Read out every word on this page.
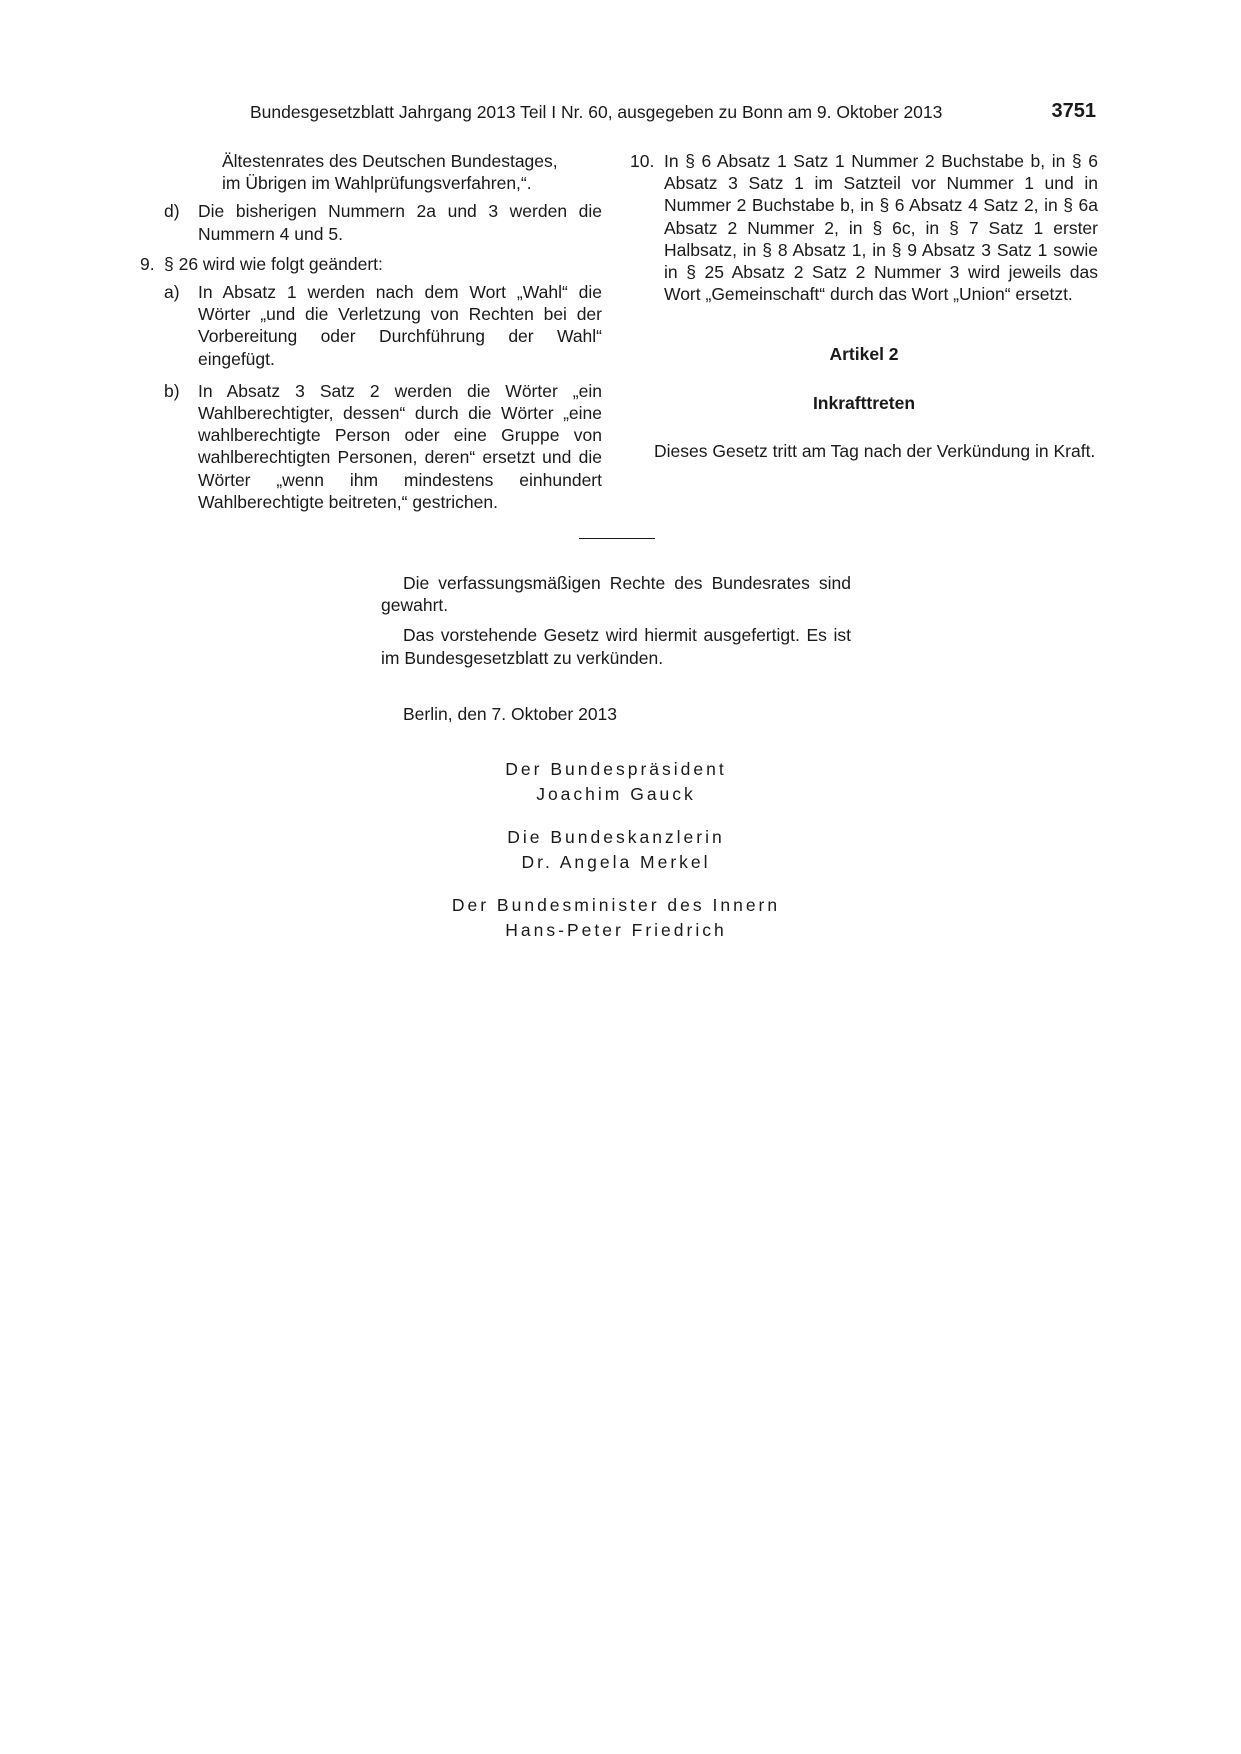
Bundesgesetzblatt Jahrgang 2013 Teil I Nr. 60, ausgegeben zu Bonn am 9. Oktober 2013	3751
Ältestenrates des Deutschen Bundestages,
im Übrigen im Wahlprüfungsverfahren,“.
d) Die bisherigen Nummern 2a und 3 werden die Nummern 4 und 5.
9. § 26 wird wie folgt geändert:
a) In Absatz 1 werden nach dem Wort „Wahl“ die Wörter „und die Verletzung von Rechten bei der Vorbereitung oder Durchführung der Wahl“ eingefügt.
b) In Absatz 3 Satz 2 werden die Wörter „ein Wahlberechtigter, dessen“ durch die Wörter „eine wahlberechtigte Person oder eine Gruppe von wahlberechtigten Personen, deren“ ersetzt und die Wörter „wenn ihm mindestens einhundert Wahlberechtigte beitreten,“ gestrichen.
10. In § 6 Absatz 1 Satz 1 Nummer 2 Buchstabe b, in § 6 Absatz 3 Satz 1 im Satzteil vor Nummer 1 und in Nummer 2 Buchstabe b, in § 6 Absatz 4 Satz 2, in § 6a Absatz 2 Nummer 2, in § 6c, in § 7 Satz 1 erster Halbsatz, in § 8 Absatz 1, in § 9 Absatz 3 Satz 1 sowie in § 25 Absatz 2 Satz 2 Nummer 3 wird jeweils das Wort „Gemeinschaft“ durch das Wort „Union“ ersetzt.
Artikel 2
Inkrafttreten
Dieses Gesetz tritt am Tag nach der Verkündung in Kraft.

Die verfassungsmäßigen Rechte des Bundesrates sind gewahrt.

Das vorstehende Gesetz wird hiermit ausgefertigt. Es ist im Bundesgesetzblatt zu verkünden.

Berlin, den 7. Oktober 2013

Der Bundespräsident
Joachim Gauck
Die Bundeskanzlerin
Dr. Angela Merkel
Der Bundesminister des Innern
Hans-Peter Friedrich
